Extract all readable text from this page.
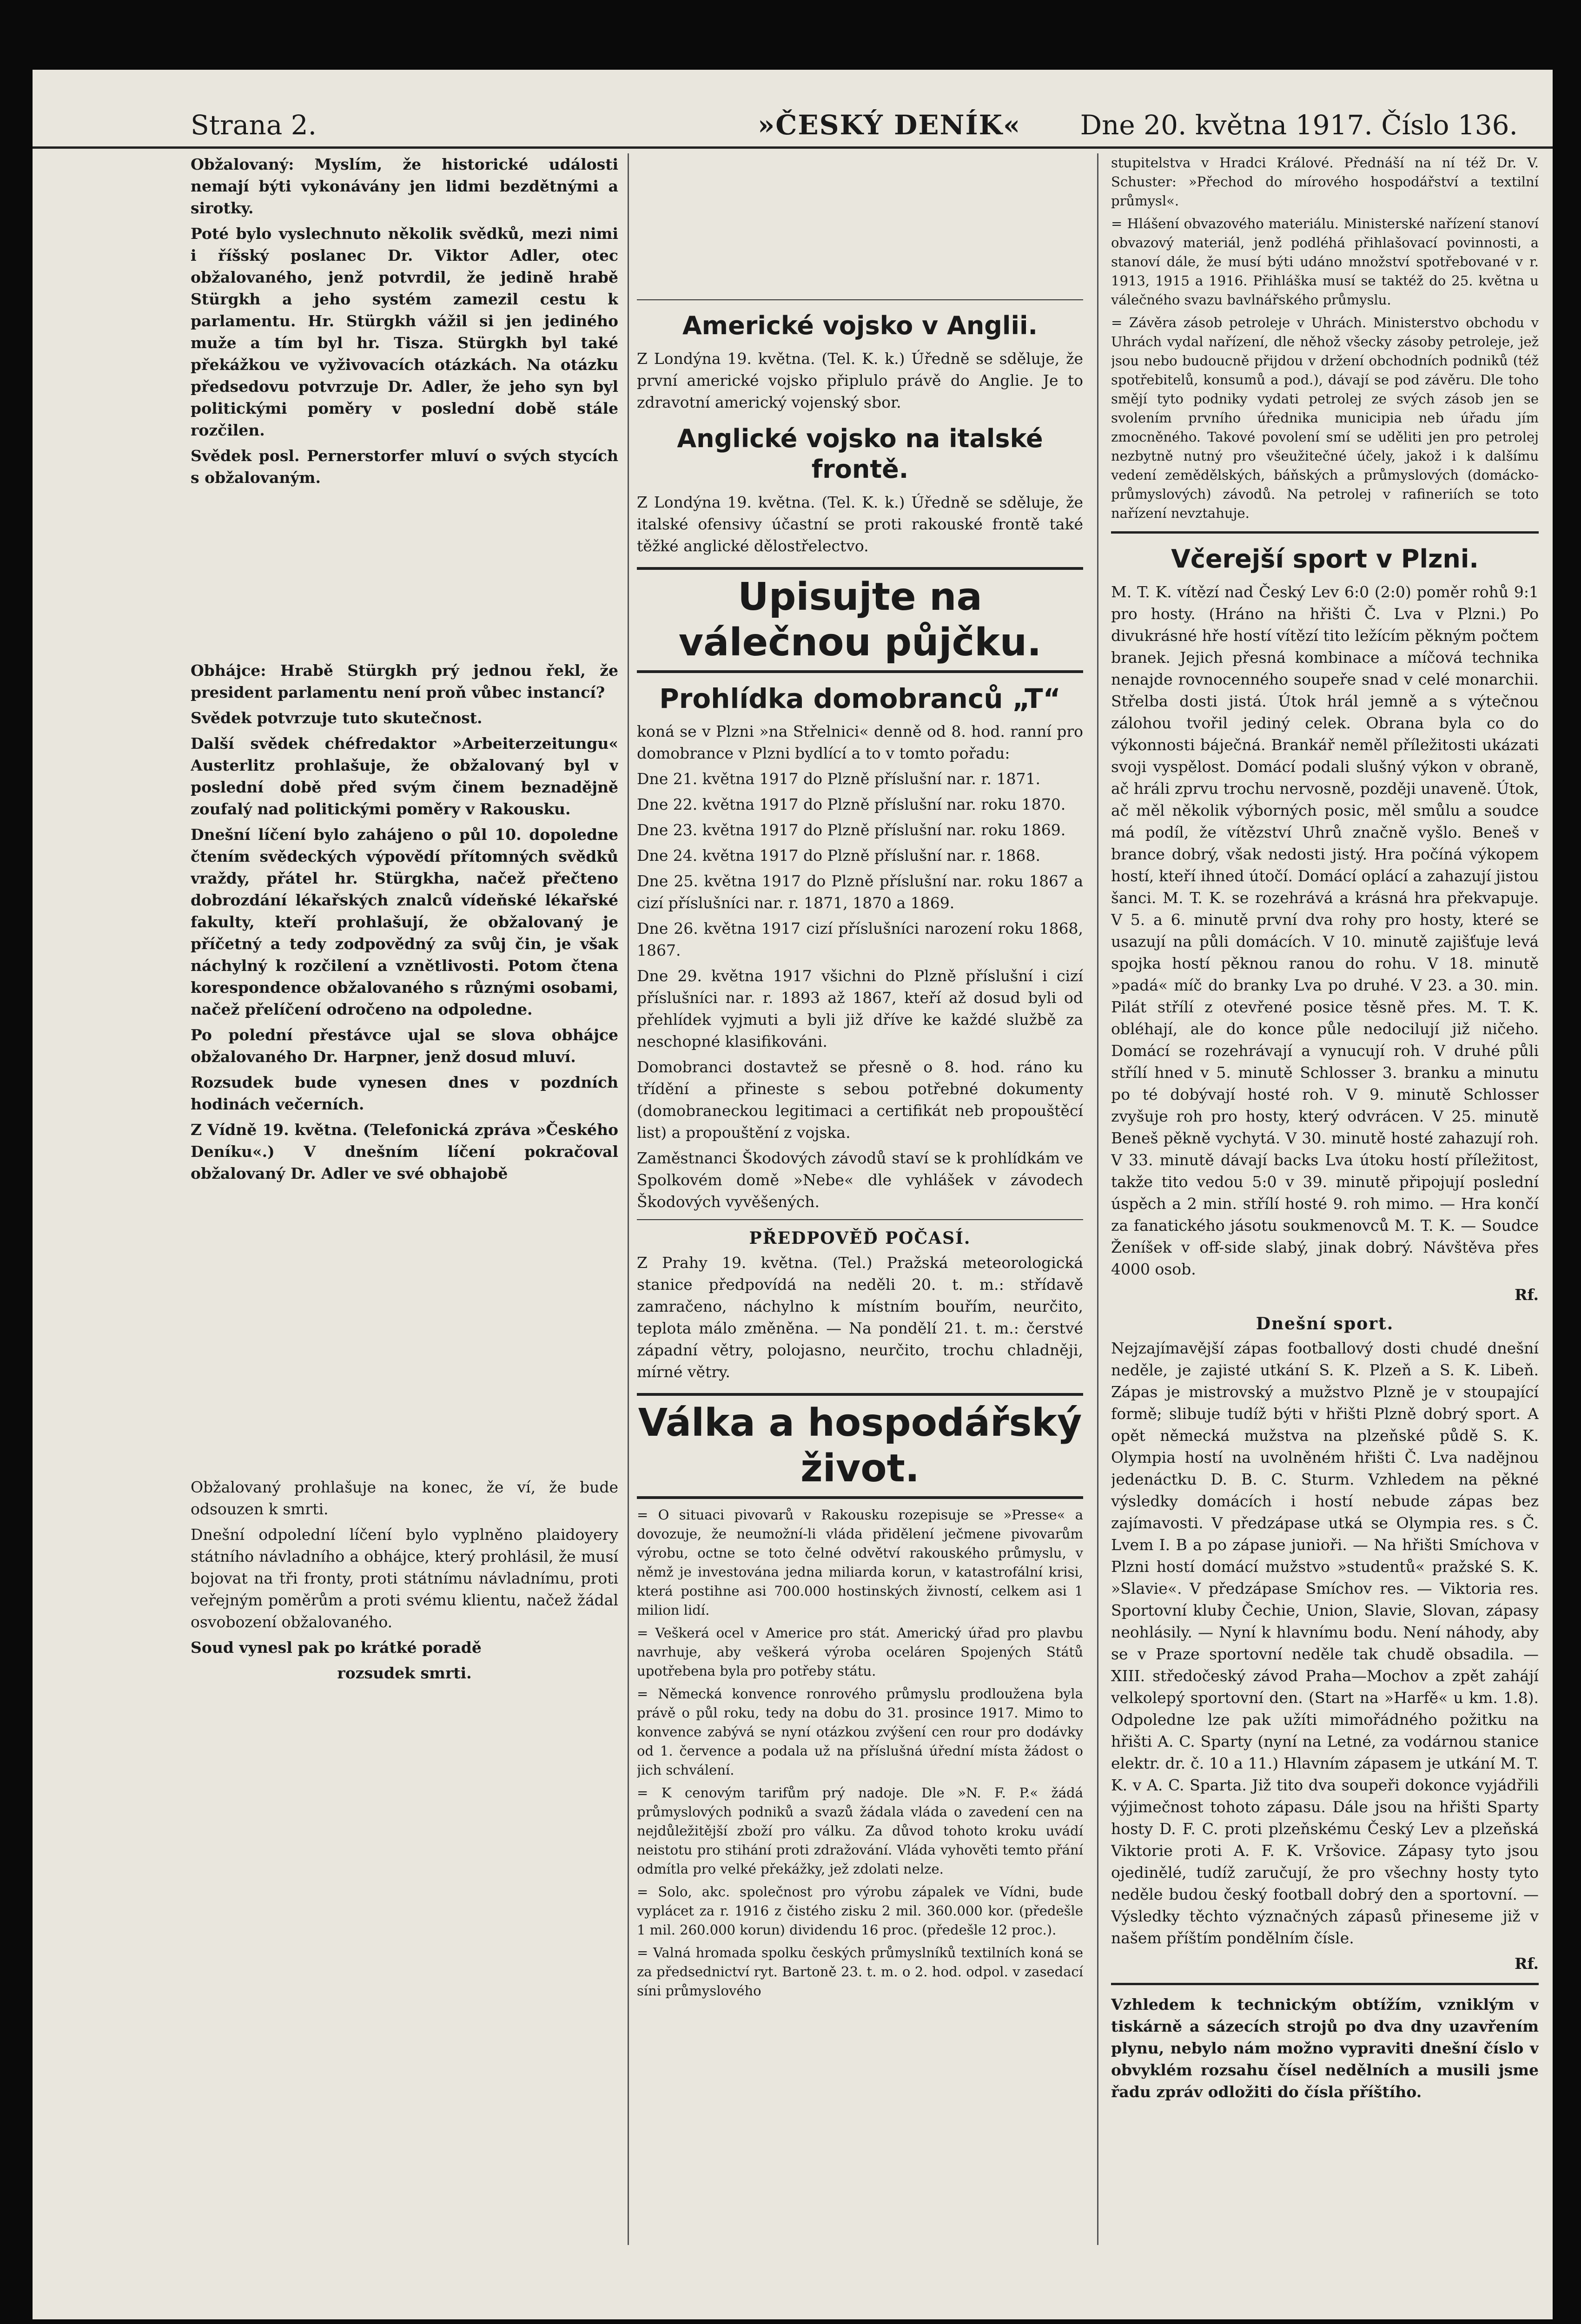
Strana 2.	»ČESKÝ DENÍK« Dne 20. května 1917. Číslo 136.

Obžalovaný: Myslím, že historické události nemají býti vykonávány jen lidmi bezdětnými a sirotky.

Poté bylo vyslechnuto několik svědků, mezi nimi i říšský poslanec Dr. Viktor Adler, otec obžalovaného, jenž potvrdil, že jedině hrabě Stürgkh a jeho systém zamezil cestu k parlamentu. Hr. Stürgkh vážil si jen jediného muže a tím byl hr. Tisza. Stürgkh byl také překážkou ve vyživovacích otázkách. Na otázku předsedovu potvrzuje Dr. Adler, že jeho syn byl politickými poměry v poslední době stále rozčilen.

Svědek posl. Pernerstorfer mluví o svých stycích s obžalovaným.

Obhájce: Hrabě Stürgkh prý jednou řekl, že president parlamentu není proň vůbec instancí?

Svědek potvrzuje tuto skutečnost.

Další svědek chéfredaktor »Arbeiterzeitungu« Austerlitz prohlašuje, že obžalovaný byl v poslední době před svým činem beznadějně zoufalý nad politickými poměry v Rakousku.

Dnešní líčení bylo zahájeno o půl 10. dopoledne čtením svědeckých výpovědí přítomných svědků vraždy, přátel hr. Stürgkha, načež přečteno dobrozdání lékařských znalců vídeňské lékařské fakulty, kteří prohlašují, že obžalovaný je příčetný a tedy zodpovědný za svůj čin, je však náchylný k rozčilení a vznětlivosti. Potom čtena korespondence obžalovaného s různými osobami, načež přelíčení odročeno na odpoledne.

Po polední přestávce ujal se slova obhájce obžalovaného Dr. Harpner, jenž dosud mluví.

Rozsudek bude vynesen dnes v pozdních hodinách večerních.

Z Vídně 19. května. (Telefonická zpráva »Českého Deníku«.) V dnešním líčení pokračoval obžalovaný Dr. Adler ve své obhajobě

Obžalovaný prohlašuje na konec, že ví, že bude odsouzen k smrti.

Dnešní odpolední líčení bylo vyplněno plaidoyery státního návladního a obhájce, který prohlásil, že musí bojovat na tři fronty, proti státnímu návladnímu, proti veřejným poměrům a proti svému klientu, načež žádal osvobození obžalovaného.

Soud vynesl pak po krátké poradě

rozsudek smrti.

Americké vojsko v Anglii.

Z Londýna 19. května. (Tel. K. k.) Úředně se sděluje, že první americké vojsko připlulo právě do Anglie. Je to zdravotní americký vojenský sbor.

Anglické vojsko na italské frontě.

Z Londýna 19. května. (Tel. K. k.) Úředně se sděluje, že italské ofensivy účastní se proti rakouské frontě také těžké anglické dělostřelectvo.

Upisujte na válečnou půjčku.
Prohlídka domobranců „T“

koná se v Plzni »na Střelnici« denně od 8. hod. ranní pro domobrance v Plzni bydlící a to v tomto pořadu:

Dne 21. května 1917 do Plzně příslušní nar. r. 1871.

Dne 22. května 1917 do Plzně příslušní nar. roku 1870.

Dne 23. května 1917 do Plzně příslušní nar. roku 1869.

Dne 24. května 1917 do Plzně příslušní nar. r. 1868.

Dne 25. května 1917 do Plzně příslušní nar. roku 1867 a cizí příslušníci nar. r. 1871, 1870 a 1869.

Dne 26. května 1917 cizí příslušníci narození roku 1868, 1867.

Dne 29. května 1917 všichni do Plzně příslušní i cizí příslušníci nar. r. 1893 až 1867, kteří až dosud byli od přehlídek vyjmuti a byli již dříve ke každé službě za neschopné klasifikováni.

Domobranci dostavtež se přesně o 8. hod. ráno ku třídění a přineste s sebou potřebné dokumenty (domobraneckou legitimaci a certifikát neb propouštěcí list) a propouštění z vojska.

Zaměstnanci Škodových závodů staví se k prohlídkám ve Spolkovém domě »Nebe« dle vyhlášek v závodech Škodových vyvěšených.

PŘEDPOVĚĎ POČASÍ.

Z Prahy 19. května. (Tel.) Pražská meteorologická stanice předpovídá na neděli 20. t. m.: střídavě zamračeno, náchylno k místním bouřím, neurčito, teplota málo změněna. — Na pondělí 21. t. m.: čerstvé západní větry, polojasno, neurčito, trochu chladněji, mírné větry.

Válka a hospodářský život.

= O situaci pivovarů v Rakousku rozepisuje se »Presse« a dovozuje, že neumožní-li vláda přidělení ječmene pivovarům výrobu, octne se toto čelné odvětví rakouského průmyslu, v němž je investována jedna miliarda korun, v katastrofální krisi, která postihne asi 700.000 hostinských živností, celkem asi 1 milion lidí.

= Veškerá ocel v Americe pro stát. Americký úřad pro plavbu navrhuje, aby veškerá výroba oceláren Spojených Států upotřebena byla pro potřeby státu.

= Německá konvence ronrového průmyslu prodloužena byla právě o půl roku, tedy na dobu do 31. prosince 1917. Mimo to konvence zabývá se nyní otázkou zvýšení cen rour pro dodávky od 1. července a podala už na příslušná úřední místa žádost o jich schválení.

= K cenovým tarifům prý nadoje. Dle »N. F. P.« žádá průmyslových podniků a svazů žádala vláda o zavedení cen na nejdůležitější zboží pro válku. Za důvod tohoto kroku uvádí neistotu pro stihání proti zdražování. Vláda vyhověti temto přání odmítla pro velké překážky, jež zdolati nelze.

= Solo, akc. společnost pro výrobu zápalek ve Vídni, bude vyplácet za r. 1916 z čistého zisku 2 mil. 360.000 kor. (předešle 1 mil. 260.000 korun) dividendu 16 proc. (předešle 12 proc.).

= Valná hromada spolku českých průmyslníků textilních koná se za předsednictví ryt. Bartoně 23. t. m. o 2. hod. odpol. v zasedací síni průmyslového

stupitelstva v Hradci Králové. Přednáší na ní též Dr. V. Schuster: »Přechod do mírového hospodářství a textilní průmysl«.

= Hlášení obvazového materiálu. Ministerské nařízení stanoví obvazový materiál, jenž podléhá přihlašovací povinnosti, a stanoví dále, že musí býti udáno množství spotřebované v r. 1913, 1915 a 1916. Přihláška musí se taktéž do 25. května u válečného svazu bavlnářského průmyslu.

= Závěra zásob petroleje v Uhrách. Ministerstvo obchodu v Uhrách vydal nařízení, dle něhož všecky zásoby petroleje, jež jsou nebo budoucně přijdou v držení obchodních podniků (též spotřebitelů, konsumů a pod.), dávají se pod závěru. Dle toho smějí tyto podniky vydati petrolej ze svých zásob jen se svolením prvního úřednika municipia neb úřadu jím zmocněného. Takové povolení smí se uděliti jen pro petrolej nezbytně nutný pro všeužitečné účely, jakož i k dalšímu vedení zemědělských, báňských a průmyslových (domácko-průmyslových) závodů. Na petrolej v rafineriích se toto nařízení nevztahuje.

Včerejší sport v Plzni.

M. T. K. vítězí nad Český Lev 6:0 (2:0) poměr rohů 9:1 pro hosty. (Hráno na hřišti Č. Lva v Plzni.) Po divukrásné hře hostí vítězí tito ležícím pěkným počtem branek. Jejich přesná kombinace a míčová technika nenajde rovnocenného soupeře snad v celé monarchii. Střelba dosti jistá. Útok hrál jemně a s výtečnou zálohou tvořil jediný celek. Obrana byla co do výkonnosti báječná. Brankář neměl příležitosti ukázati svoji vyspělost. Domácí podali slušný výkon v obraně, ač hráli zprvu trochu nervosně, později unaveně. Útok, ač měl několik výborných posic, měl smůlu a soudce má podíl, že vítězství Uhrů značně vyšlo. Beneš v brance dobrý, však nedosti jistý. Hra počíná výkopem hostí, kteří ihned útočí. Domácí oplácí a zahazují jistou šanci. M. T. K. se rozehrává a krásná hra překvapuje. V 5. a 6. minutě první dva rohy pro hosty, které se usazují na půli domácích. V 10. minutě zajišťuje levá spojka hostí pěknou ranou do rohu. V 18. minutě »padá« míč do branky Lva po druhé. V 23. a 30. min. Pilát střílí z otevřené posice těsně přes. M. T. K. obléhají, ale do konce půle nedocilují již ničeho. Domácí se rozehrávají a vynucují roh. V druhé půli střílí hned v 5. minutě Schlosser 3. branku a minutu po té dobývají hosté roh. V 9. minutě Schlosser zvyšuje roh pro hosty, který odvrácen. V 25. minutě Beneš pěkně vychytá. V 30. minutě hosté zahazují roh. V 33. minutě dávají backs Lva útoku hostí příležitost, takže tito vedou 5:0 v 39. minutě připojují poslední úspěch a 2 min. střílí hosté 9. roh mimo. — Hra končí za fanatického jásotu soukmenovců M. T. K. — Soudce Ženíšek v off-side slabý, jinak dobrý. Návštěva přes 4000 osob.

Rf.

Dnešní sport.

Nejzajímavější zápas footballový dosti chudé dnešní neděle, je zajisté utkání S. K. Plzeň a S. K. Libeň. Zápas je mistrovský a mužstvo Plzně je v stoupající formě; slibuje tudíž býti v hřišti Plzně dobrý sport. A opět německá mužstva na plzeňské půdě S. K. Olympia hostí na uvolněném hřišti Č. Lva nadějnou jedenáctku D. B. C. Sturm. Vzhledem na pěkné výsledky domácích i hostí nebude zápas bez zajímavosti. V předzápase utká se Olympia res. s Č. Lvem I. B a po zápase junioři. — Na hřišti Smíchova v Plzni hostí domácí mužstvo »studentů« pražské S. K. »Slavie«. V předzápase Smíchov res. — Viktoria res. Sportovní kluby Čechie, Union, Slavie, Slovan, zápasy neohlásily. — Nyní k hlavnímu bodu. Není náhody, aby se v Praze sportovní neděle tak chudě obsadila. — XIII. středočeský závod Praha—Mochov a zpět zahájí velkolepý sportovní den. (Start na »Harfě« u km. 1.8). Odpoledne lze pak užíti mimořádného požitku na hřišti A. C. Sparty (nyní na Letné, za vodárnou stanice elektr. dr. č. 10 a 11.) Hlavním zápasem je utkání M. T. K. v A. C. Sparta. Již tito dva soupeři dokonce vyjádřili výjimečnost tohoto zápasu. Dále jsou na hřišti Sparty hosty D. F. C. proti plzeňskému Český Lev a plzeňská Viktorie proti A. F. K. Vršovice. Zápasy tyto jsou ojedinělé, tudíž zaručují, že pro všechny hosty tyto neděle budou český football dobrý den a sportovní. — Výsledky těchto význačných zápasů přineseme již v našem příštím pondělním čísle.

Rf.

Vzhledem k technickým obtížím, vzniklým v tiskárně a sázecích strojů po dva dny uzavřením plynu, nebylo nám možno vypraviti dnešní číslo v obvyklém rozsahu čísel nedělních a musili jsme řadu zpráv odložiti do čísla příštího.
